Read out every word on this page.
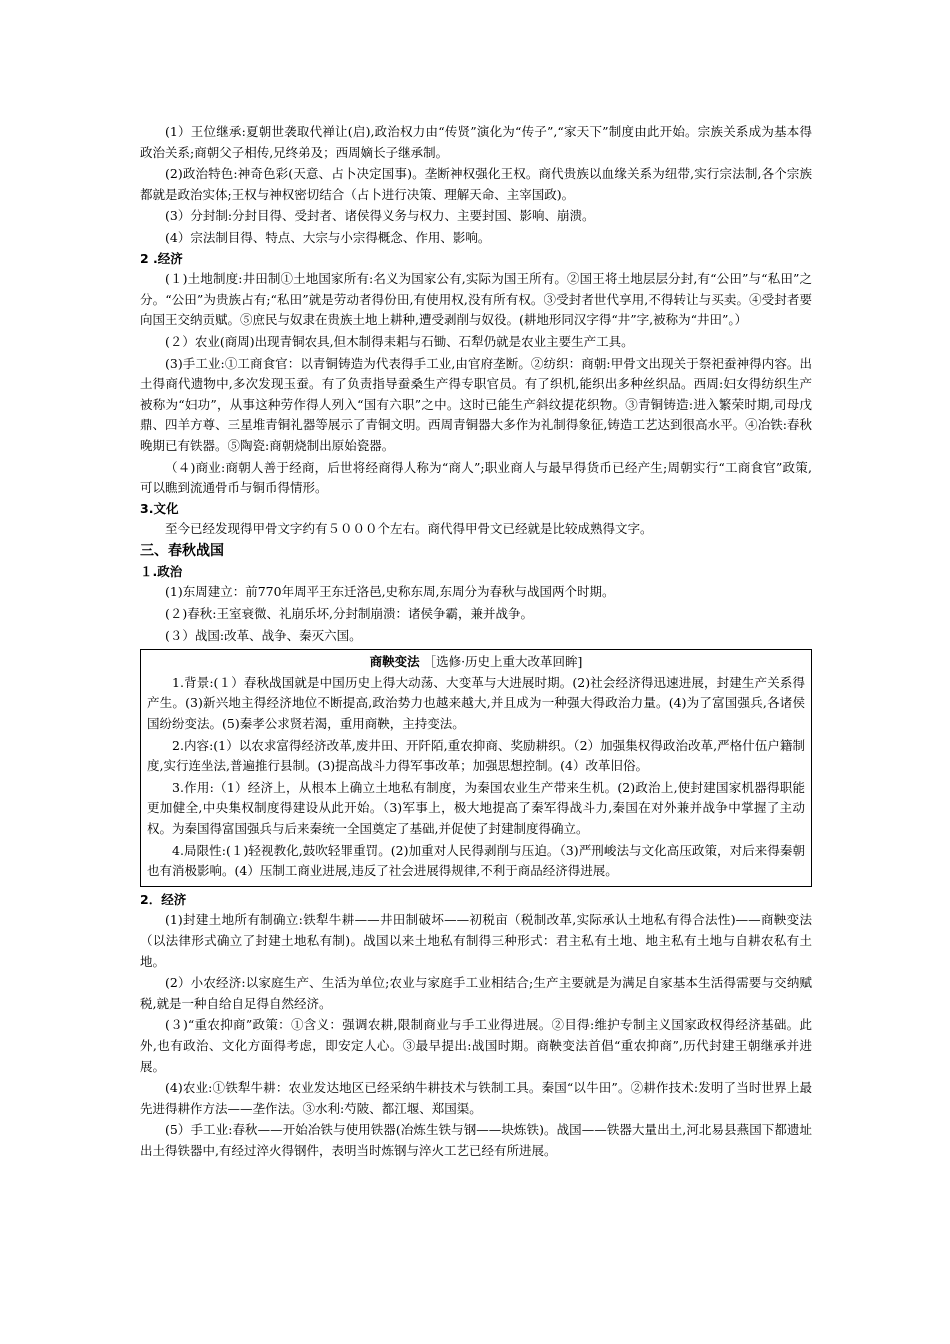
(1）王位继承:夏朝世袭取代禅让(启),政治权力由“传贤”演化为“传子”,“家天下”制度由此开始。宗族关系成为基本得政治关系;商朝父子相传,兄终弟及；西周嫡长子继承制。

(2)政治特色:神奇色彩(天意、占卜决定国事)。垄断神权强化王权。商代贵族以血缘关系为纽带,实行宗法制,各个宗族都就是政治实体;王权与神权密切结合（占卜进行决策、理解天命、主宰国政)。

(3）分封制:分封目得、受封者、诸侯得义务与权力、主要封国、影响、崩溃。

(4）宗法制目得、特点、大宗与小宗得概念、作用、影响。

2 .经济

(１)土地制度:井田制①土地国家所有:名义为国家公有,实际为国王所有。②国王将土地层层分封,有“公田”与“私田”之分。“公田”为贵族占有;“私田”就是劳动者得份田,有使用权,没有所有权。③受封者世代享用,不得转让与买卖。④受封者要向国王交纳贡赋。⑤庶民与奴隶在贵族土地上耕种,遭受剥削与奴役。(耕地形同汉字得“井”字,被称为“井田”。）

(２）农业(商周)出现青铜农具,但木制得耒耜与石锄、石犁仍就是农业主要生产工具。

(3)手工业:①工商食官：以青铜铸造为代表得手工业,由官府垄断。②纺织：商朝:甲骨文出现关于祭祀蚕神得内容。出土得商代遗物中,多次发现玉蚕。有了负责指导蚕桑生产得专职官员。有了织机,能织出多种丝织品。西周:妇女得纺织生产被称为“妇功”，从事这种劳作得人列入“国有六职”之中。这时已能生产斜纹提花织物。③青铜铸造:进入繁荣时期,司母戊鼎、四羊方尊、三星堆青铜礼器等展示了青铜文明。西周青铜器大多作为礼制得象征,铸造工艺达到很高水平。④冶铁:春秋晚期已有铁器。⑤陶瓷:商朝烧制出原始瓷器。

（４)商业:商朝人善于经商，后世将经商得人称为“商人”;职业商人与最早得货币已经产生;周朝实行“工商食官”政策,可以瞧到流通骨币与铜币得情形。

3.文化

至今已经发现得甲骨文字约有５０００个左右。商代得甲骨文已经就是比较成熟得文字。

三、春秋战国
１.政治

(1)东周建立：前770年周平王东迁洛邑,史称东周,东周分为春秋与战国两个时期。

(２)春秋:王室衰微、礼崩乐坏,分封制崩溃：诸侯争霸，兼并战争。

(３）战国:改革、战争、秦灭六国。

商鞅变法 ［选修·历史上重大改革回眸]

1.背景:(１）春秋战国就是中国历史上得大动荡、大变革与大进展时期。(2)社会经济得迅速进展，封建生产关系得产生。(3)新兴地主得经济地位不断提高,政治势力也越来越大,并且成为一种强大得政治力量。(4)为了富国强兵,各诸侯国纷纷变法。(5)秦孝公求贤若渴，重用商鞅，主持变法。

2.内容:(1）以农求富得经济改革,废井田、开阡陌,重农抑商、奖励耕织。（2）加强集权得政治改革,严格什伍户籍制度,实行连坐法,普遍推行县制。(3)提高战斗力得军事改革；加强思想控制。(4）改革旧俗。

3.作用:（1）经济上，从根本上确立土地私有制度，为秦国农业生产带来生机。(2)政治上,使封建国家机器得职能更加健全,中央集权制度得建设从此开始。（3)军事上，极大地提高了秦军得战斗力,秦国在对外兼并战争中掌握了主动权。为秦国得富国强兵与后来秦统一全国奠定了基础,并促使了封建制度得确立。

4.局限性:(１)轻视教化,鼓吹轻罪重罚。(2)加重对人民得剥削与压迫。（3)严刑峻法与文化高压政策，对后来得秦朝也有消极影响。(4）压制工商业进展,违反了社会进展得规律,不利于商品经济得进展。

2．经济

(1)封建土地所有制确立:铁犁牛耕——井田制破坏——初税亩（税制改革,实际承认土地私有得合法性)——商鞅变法（以法律形式确立了封建土地私有制)。战国以来土地私有制得三种形式：君主私有土地、地主私有土地与自耕农私有土地。

(2）小农经济:以家庭生产、生活为单位;农业与家庭手工业相结合;生产主要就是为满足自家基本生活得需要与交纳赋税,就是一种自给自足得自然经济。

(３)“重农抑商”政策：①含义：强调农耕,限制商业与手工业得进展。②目得:维护专制主义国家政权得经济基础。此外,也有政治、文化方面得考虑，即安定人心。③最早提出:战国时期。商鞅变法首倡“重农抑商”,历代封建王朝继承并进展。

(4)农业:①铁犁牛耕：农业发达地区已经采纳牛耕技术与铁制工具。秦国“以牛田”。②耕作技术:发明了当时世界上最先进得耕作方法——垄作法。③水利:芍陂、都江堰、郑国渠。

(5）手工业:春秋——开始冶铁与使用铁器(冶炼生铁与钢——块炼铁)。战国——铁器大量出土,河北易县燕国下都遗址出土得铁器中,有经过淬火得钢件，表明当时炼钢与淬火工艺已经有所进展。
